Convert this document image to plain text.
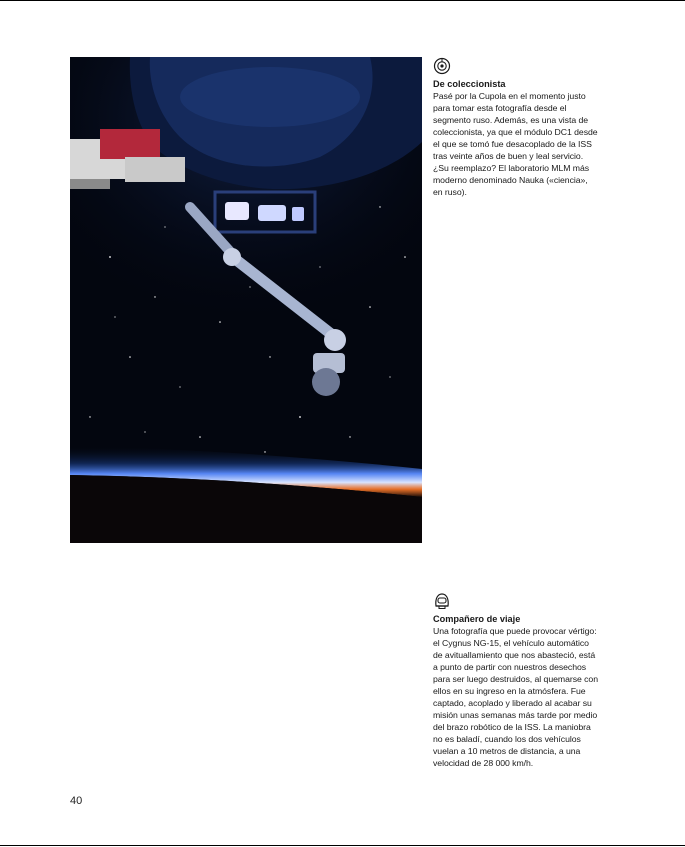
De coleccionista

Pasé por la Cupola en el momento justo para tomar esta fotografía desde el segmento ruso. Además, es una vista de coleccionista, ya que el módulo DC1 desde el que se tomó fue desacoplado de la ISS tras veinte años de buen y leal servicio. ¿Su reemplazo? El laboratorio MLM más moderno denominado Nauka («ciencia», en ruso).

Compañero de viaje

Una fotografía que puede provocar vértigo: el Cygnus NG-15, el vehículo automático de avituallamiento que nos abasteció, está a punto de partir con nuestros desechos para ser luego destruidos, al quemarse con ellos en su ingreso en la atmósfera. Fue captado, acoplado y liberado al acabar su misión unas semanas más tarde por medio del brazo robótico de la ISS. La maniobra no es baladí, cuando los dos vehículos vuelan a 10 metros de distancia, a una velocidad de 28 000 km/h.

40
